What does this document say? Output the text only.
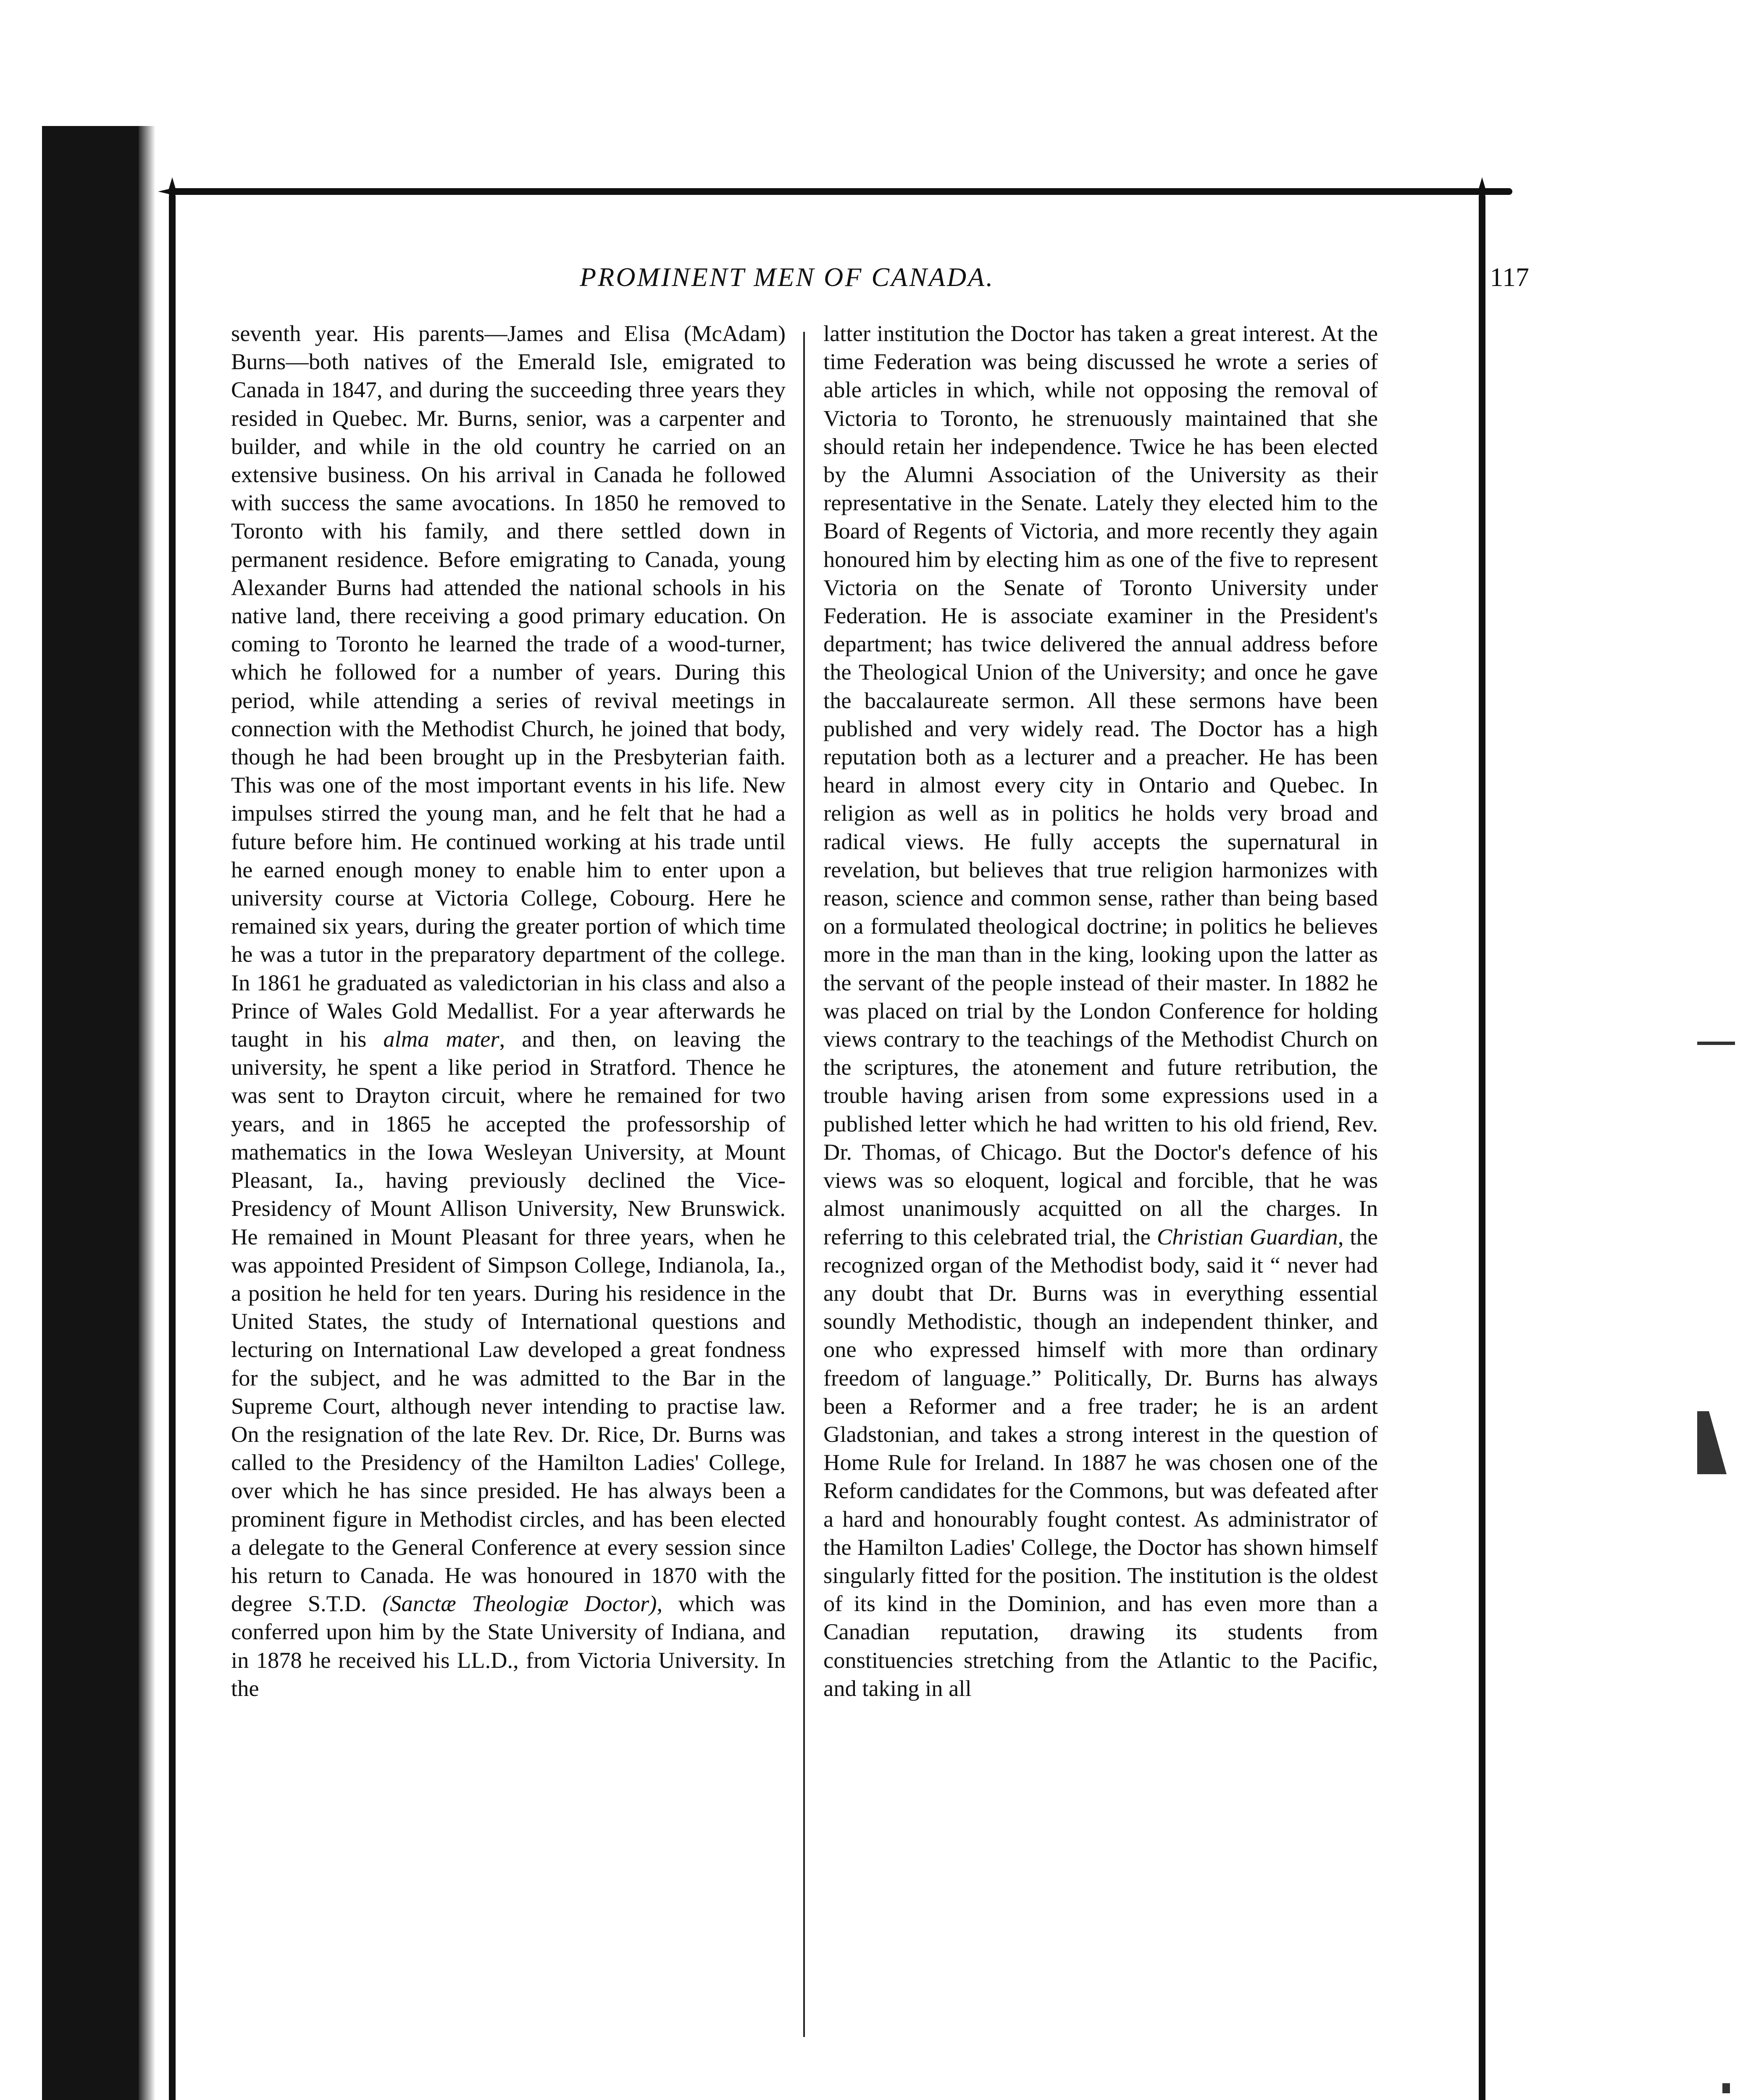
PROMINENT MEN OF CANADA.	117

seventh year. His parents—James and Elisa (McAdam) Burns—both natives of the Emerald Isle, emigrated to Canada in 1847, and during the succeeding three years they resided in Quebec. Mr. Burns, senior, was a carpenter and builder, and while in the old country he carried on an extensive business. On his arrival in Canada he followed with success the same avocations. In 1850 he removed to Toronto with his family, and there settled down in permanent residence. Before emigrating to Canada, young Alexander Burns had attended the national schools in his native land, there receiving a good primary education. On coming to Toronto he learned the trade of a wood-turner, which he followed for a number of years. During this period, while attending a series of revival meetings in connection with the Methodist Church, he joined that body, though he had been brought up in the Presbyterian faith. This was one of the most important events in his life. New impulses stirred the young man, and he felt that he had a future before him. He continued working at his trade until he earned enough money to enable him to enter upon a university course at Victoria College, Cobourg. Here he remained six years, during the greater portion of which time he was a tutor in the preparatory department of the college. In 1861 he graduated as valedictorian in his class and also a Prince of Wales Gold Medallist. For a year afterwards he taught in his alma mater, and then, on leaving the university, he spent a like period in Stratford. Thence he was sent to Drayton circuit, where he remained for two years, and in 1865 he accepted the professorship of mathematics in the Iowa Wesleyan University, at Mount Pleasant, Ia., having previously declined the Vice-Presidency of Mount Allison University, New Brunswick. He remained in Mount Pleasant for three years, when he was appointed President of Simpson College, Indianola, Ia., a position he held for ten years. During his residence in the United States, the study of International questions and lecturing on International Law developed a great fondness for the subject, and he was admitted to the Bar in the Supreme Court, although never intending to practise law. On the resignation of the late Rev. Dr. Rice, Dr. Burns was called to the Presidency of the Hamilton Ladies' College, over which he has since presided. He has always been a prominent figure in Methodist circles, and has been elected a delegate to the General Conference at every session since his return to Canada. He was honoured in 1870 with the degree S.T.D. (Sanctæ Theologiæ Doctor), which was conferred upon him by the State University of Indiana, and in 1878 he received his LL.D., from Victoria University. In the

latter institution the Doctor has taken a great interest. At the time Federation was being discussed he wrote a series of able articles in which, while not opposing the removal of Victoria to Toronto, he strenuously maintained that she should retain her independence. Twice he has been elected by the Alumni Association of the University as their representative in the Senate. Lately they elected him to the Board of Regents of Victoria, and more recently they again honoured him by electing him as one of the five to represent Victoria on the Senate of Toronto University under Federation. He is associate examiner in the President's department; has twice delivered the annual address before the Theological Union of the University; and once he gave the baccalaureate sermon. All these sermons have been published and very widely read. The Doctor has a high reputation both as a lecturer and a preacher. He has been heard in almost every city in Ontario and Quebec. In religion as well as in politics he holds very broad and radical views. He fully accepts the supernatural in revelation, but believes that true religion harmonizes with reason, science and common sense, rather than being based on a formulated theological doctrine; in politics he believes more in the man than in the king, looking upon the latter as the servant of the people instead of their master. In 1882 he was placed on trial by the London Conference for holding views contrary to the teachings of the Methodist Church on the scriptures, the atonement and future retribution, the trouble having arisen from some expressions used in a published letter which he had written to his old friend, Rev. Dr. Thomas, of Chicago. But the Doctor's defence of his views was so eloquent, logical and forcible, that he was almost unanimously acquitted on all the charges. In referring to this celebrated trial, the Christian Guardian, the recognized organ of the Methodist body, said it “ never had any doubt that Dr. Burns was in everything essential soundly Methodistic, though an independent thinker, and one who expressed himself with more than ordinary freedom of language.” Politically, Dr. Burns has always been a Reformer and a free trader; he is an ardent Gladstonian, and takes a strong interest in the question of Home Rule for Ireland. In 1887 he was chosen one of the Reform candidates for the Commons, but was defeated after a hard and honourably fought contest. As administrator of the Hamilton Ladies' College, the Doctor has shown himself singularly fitted for the position. The institution is the oldest of its kind in the Dominion, and has even more than a Canadian reputation, drawing its students from constituencies stretching from the Atlantic to the Pacific, and taking in all
